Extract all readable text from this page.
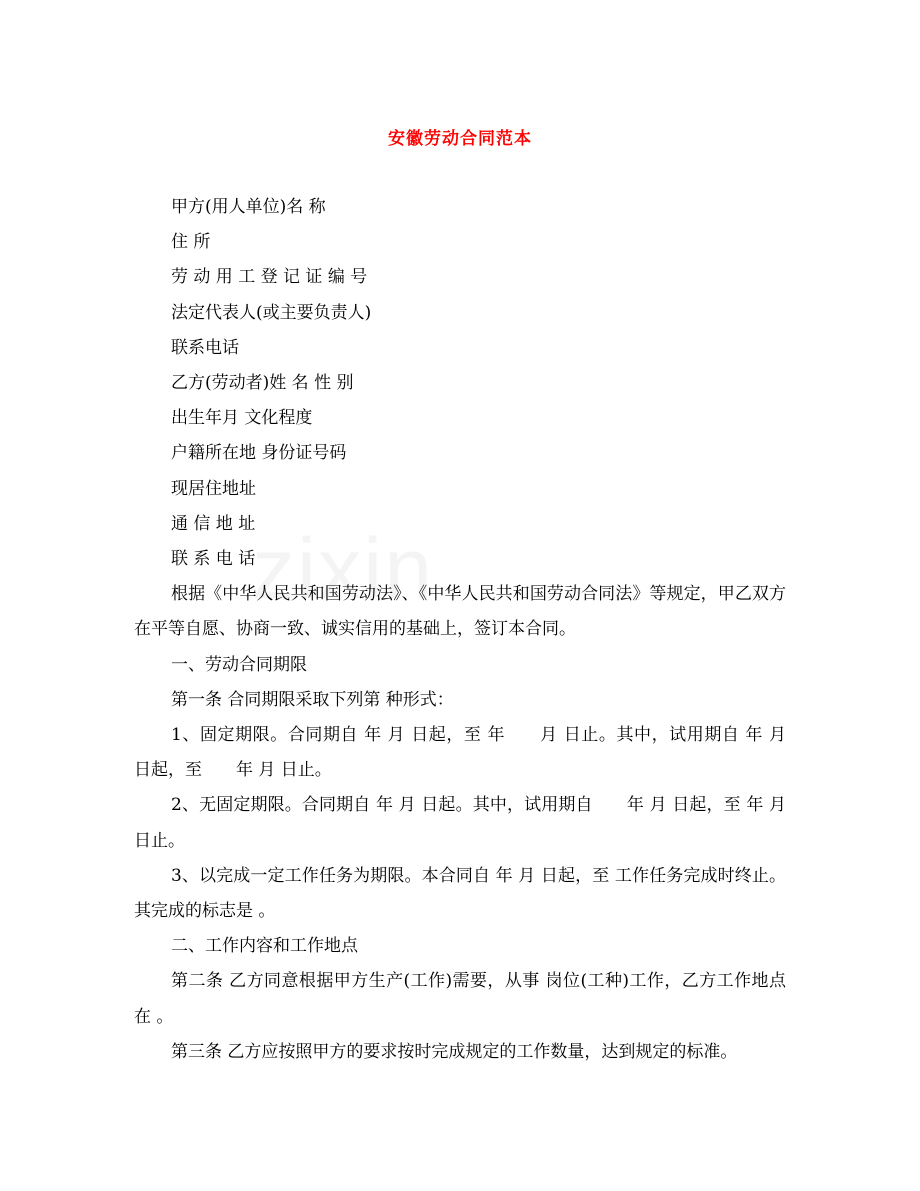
安徽劳动合同范本

甲方(用人单位)名 称

住 所

劳 动 用 工 登 记 证 编 号

法定代表人(或主要负责人)

联系电话

乙方(劳动者)姓 名 性 别

出生年月 文化程度

户籍所在地 身份证号码

现居住地址

通 信 地 址

联 系 电 话

根据《中华人民共和国劳动法》、《中华人民共和国劳动合同法》等规定，甲乙双方在平等自愿、协商一致、诚实信用的基础上，签订本合同。

一、劳动合同期限

第一条 合同期限采取下列第 种形式：

1、固定期限。合同期自 年 月 日起，至 年　　月 日止。其中，试用期自 年 月 日起，至　　年 月 日止。

2、无固定期限。合同期自 年 月 日起。其中，试用期自　　年 月 日起，至 年 月 日止。

3、以完成一定工作任务为期限。本合同自 年 月 日起，至 工作任务完成时终止。其完成的标志是 。

二、工作内容和工作地点

第二条 乙方同意根据甲方生产(工作)需要，从事 岗位(工种)工作，乙方工作地点在 。

第三条 乙方应按照甲方的要求按时完成规定的工作数量，达到规定的标准。
